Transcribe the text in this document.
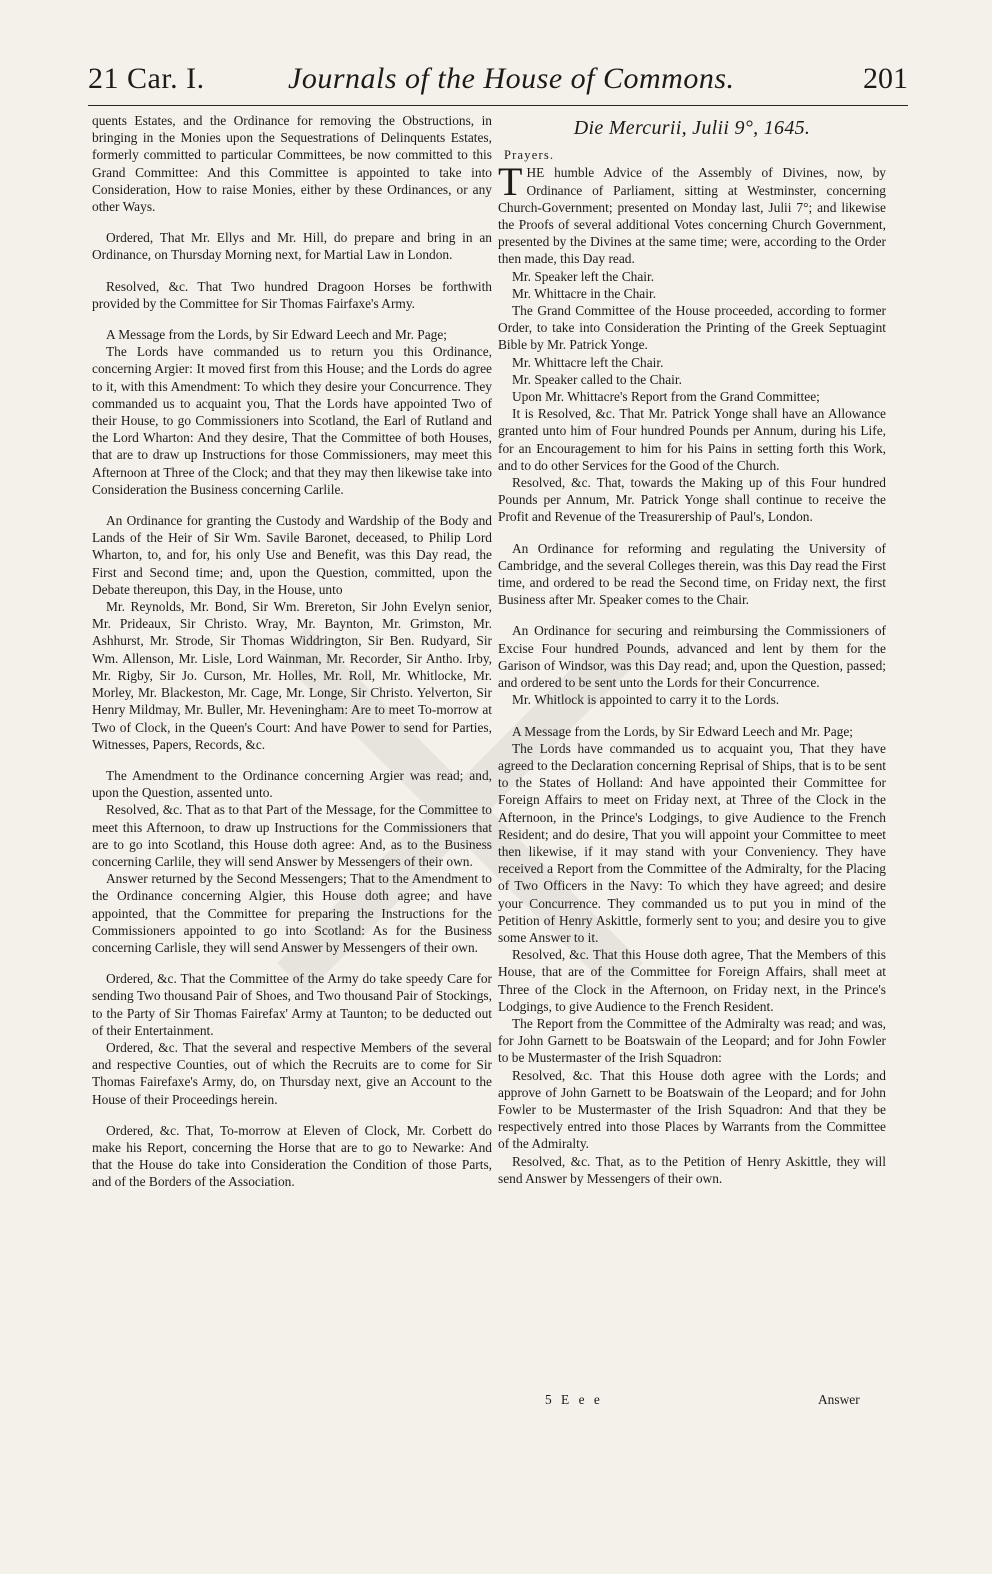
21 Car. I.	Journals of the House of Commons.	201

quents Estates, and the Ordinance for removing the Obstructions, in bringing in the Monies upon the Sequestrations of Delinquents Estates, formerly committed to particular Committees, be now committed to this Grand Committee: And this Committee is appointed to take into Consideration, How to raise Monies, either by these Ordinances, or any other Ways.

Ordered, That Mr. Ellys and Mr. Hill, do prepare and bring in an Ordinance, on Thursday Morning next, for Martial Law in London.

Resolved, &c. That Two hundred Dragoon Horses be forthwith provided by the Committee for Sir Thomas Fairfaxe's Army.

A Message from the Lords, by Sir Edward Leech and Mr. Page;

The Lords have commanded us to return you this Ordinance, concerning Argier: It moved first from this House; and the Lords do agree to it, with this Amendment: To which they desire your Concurrence. They commanded us to acquaint you, That the Lords have appointed Two of their House, to go Commissioners into Scotland, the Earl of Rutland and the Lord Wharton: And they desire, That the Committee of both Houses, that are to draw up Instructions for those Commissioners, may meet this Afternoon at Three of the Clock; and that they may then likewise take into Consideration the Business concerning Carlile.

An Ordinance for granting the Custody and Wardship of the Body and Lands of the Heir of Sir Wm. Savile Baronet, deceased, to Philip Lord Wharton, to, and for, his only Use and Benefit, was this Day read, the First and Second time; and, upon the Question, committed, upon the Debate thereupon, this Day, in the House, unto

Mr. Reynolds, Mr. Bond, Sir Wm. Brereton, Sir John Evelyn senior, Mr. Prideaux, Sir Christo. Wray, Mr. Baynton, Mr. Grimston, Mr. Ashhurst, Mr. Strode, Sir Thomas Widdrington, Sir Ben. Rudyard, Sir Wm. Allenson, Mr. Lisle, Lord Wainman, Mr. Recorder, Sir Antho. Irby, Mr. Rigby, Sir Jo. Curson, Mr. Holles, Mr. Roll, Mr. Whitlocke, Mr. Morley, Mr. Blackeston, Mr. Cage, Mr. Longe, Sir Christo. Yelverton, Sir Henry Mildmay, Mr. Buller, Mr. Heveningham: Are to meet To-morrow at Two of Clock, in the Queen's Court: And have Power to send for Parties, Witnesses, Papers, Records, &c.

The Amendment to the Ordinance concerning Argier was read; and, upon the Question, assented unto.

Resolved, &c. That as to that Part of the Message, for the Committee to meet this Afternoon, to draw up Instructions for the Commissioners that are to go into Scotland, this House doth agree: And, as to the Business concerning Carlile, they will send Answer by Messengers of their own.

Answer returned by the Second Messengers; That to the Amendment to the Ordinance concerning Algier, this House doth agree; and have appointed, that the Committee for preparing the Instructions for the Commissioners appointed to go into Scotland: As for the Business concerning Carlisle, they will send Answer by Messengers of their own.

Ordered, &c. That the Committee of the Army do take speedy Care for sending Two thousand Pair of Shoes, and Two thousand Pair of Stockings, to the Party of Sir Thomas Fairefax' Army at Taunton; to be deducted out of their Entertainment.

Ordered, &c. That the several and respective Members of the several and respective Counties, out of which the Recruits are to come for Sir Thomas Fairefaxe's Army, do, on Thursday next, give an Account to the House of their Proceedings herein.

Ordered, &c. That, To-morrow at Eleven of Clock, Mr. Corbett do make his Report, concerning the Horse that are to go to Newarke: And that the House do take into Consideration the Condition of those Parts, and of the Borders of the Association.

Die Mercurii, Julii 9°, 1645.
Prayers.

THE humble Advice of the Assembly of Divines, now, by Ordinance of Parliament, sitting at Westminster, concerning Church-Government; presented on Monday last, Julii 7°; and likewise the Proofs of several additional Votes concerning Church Government, presented by the Divines at the same time; were, according to the Order then made, this Day read.

Mr. Speaker left the Chair.

Mr. Whittacre in the Chair.

The Grand Committee of the House proceeded, according to former Order, to take into Consideration the Printing of the Greek Septuagint Bible by Mr. Patrick Yonge.

Mr. Whittacre left the Chair.

Mr. Speaker called to the Chair.

Upon Mr. Whittacre's Report from the Grand Committee;

It is Resolved, &c. That Mr. Patrick Yonge shall have an Allowance granted unto him of Four hundred Pounds per Annum, during his Life, for an Encouragement to him for his Pains in setting forth this Work, and to do other Services for the Good of the Church.

Resolved, &c. That, towards the Making up of this Four hundred Pounds per Annum, Mr. Patrick Yonge shall continue to receive the Profit and Revenue of the Treasurership of Paul's, London.

An Ordinance for reforming and regulating the University of Cambridge, and the several Colleges therein, was this Day read the First time, and ordered to be read the Second time, on Friday next, the first Business after Mr. Speaker comes to the Chair.

An Ordinance for securing and reimbursing the Commissioners of Excise Four hundred Pounds, advanced and lent by them for the Garison of Windsor, was this Day read; and, upon the Question, passed; and ordered to be sent unto the Lords for their Concurrence.

Mr. Whitlock is appointed to carry it to the Lords.

A Message from the Lords, by Sir Edward Leech and Mr. Page;

The Lords have commanded us to acquaint you, That they have agreed to the Declaration concerning Reprisal of Ships, that is to be sent to the States of Holland: And have appointed their Committee for Foreign Affairs to meet on Friday next, at Three of the Clock in the Afternoon, in the Prince's Lodgings, to give Audience to the French Resident; and do desire, That you will appoint your Committee to meet then likewise, if it may stand with your Conveniency. They have received a Report from the Committee of the Admiralty, for the Placing of Two Officers in the Navy: To which they have agreed; and desire your Concurrence. They commanded us to put you in mind of the Petition of Henry Askittle, formerly sent to you; and desire you to give some Answer to it.

Resolved, &c. That this House doth agree, That the Members of this House, that are of the Committee for Foreign Affairs, shall meet at Three of the Clock in the Afternoon, on Friday next, in the Prince's Lodgings, to give Audience to the French Resident.

The Report from the Committee of the Admiralty was read; and was, for John Garnett to be Boatswain of the Leopard; and for John Fowler to be Mustermaster of the Irish Squadron:

Resolved, &c. That this House doth agree with the Lords; and approve of John Garnett to be Boatswain of the Leopard; and for John Fowler to be Mustermaster of the Irish Squadron: And that they be respectively entred into those Places by Warrants from the Committee of the Admiralty.

Resolved, &c. That, as to the Petition of Henry Askittle, they will send Answer by Messengers of their own.

5 E e e	Answer
